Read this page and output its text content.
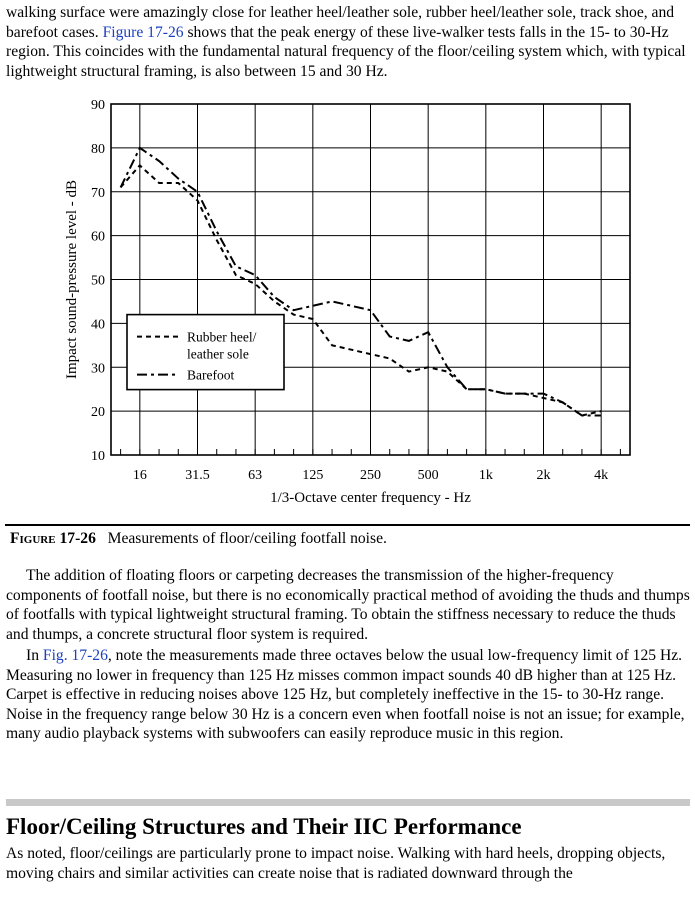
walking surface were amazingly close for leather heel/leather sole, rubber heel/leather sole, track shoe, and barefoot cases. Figure 17-26 shows that the peak energy of these live-walker tests falls in the 15- to 30-Hz region. This coincides with the fundamental natural frequency of the floor/ceiling system which, with typical lightweight structural framing, is also between 15 and 30 Hz.

10
20
30
40
50
60
70
80
90
16	31.5	63	125	250	500	1k	2k	4k
1/3-Octave center frequency - Hz
Impact sound-pressure level - dB	Rubber heel/
leather sole
Barefoot
Figure 17-26 Measurements of floor/ceiling footfall noise.

The addition of floating floors or carpeting decreases the transmission of the higher-frequency components of footfall noise, but there is no economically practical method of avoiding the thuds and thumps of footfalls with typical lightweight structural framing. To obtain the stiffness necessary to reduce the thuds and thumps, a concrete structural floor system is required.

In Fig. 17-26, note the measurements made three octaves below the usual low-frequency limit of 125 Hz. Measuring no lower in frequency than 125 Hz misses common impact sounds 40 dB higher than at 125 Hz. Carpet is effective in reducing noises above 125 Hz, but completely ineffective in the 15- to 30-Hz range. Noise in the frequency range below 30 Hz is a concern even when footfall noise is not an issue; for example, many audio playback systems with subwoofers can easily reproduce music in this region.

Floor/Ceiling Structures and Their IIC Performance

As noted, floor/ceilings are particularly prone to impact noise. Walking with hard heels, dropping objects, moving chairs and similar activities can create noise that is radiated downward through the
